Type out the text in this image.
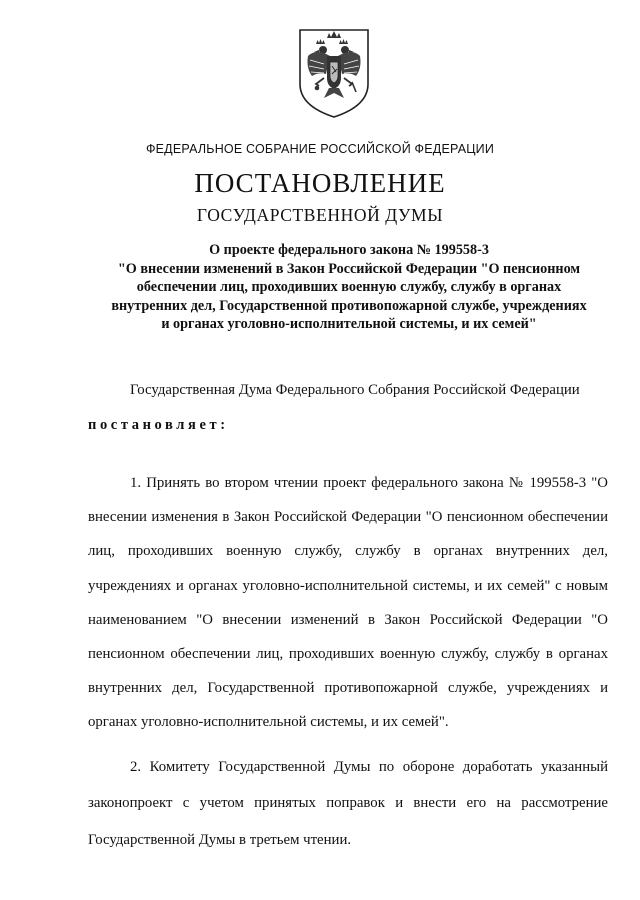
ФЕДЕРАЛЬНОЕ СОБРАНИЕ РОССИЙСКОЙ ФЕДЕРАЦИИ
ПОСТАНОВЛЕНИЕ
ГОСУДАРСТВЕННОЙ ДУМЫ
О проекте федерального закона № 199558-3
"О внесении изменений в Закон Российской Федерации "О пенсионном
обеспечении лиц, проходивших военную службу, службу в органах
внутренних дел, Государственной противопожарной службе, учреждениях
и органах уголовно-исполнительной системы, и их семей"
Государственная Дума Федерального Собрания Российской Федерации
постановляет:
1. Принять во втором чтении проект федерального закона № 199558-3 "О внесении изменения в Закон Российской Федерации "О пенсионном обеспечении лиц, проходивших военную службу, службу в органах внутренних дел, учреждениях и органах уголовно-исполнительной системы, и их семей" с новым наименованием "О внесении изменений в Закон Российской Федерации "О пенсионном обеспечении лиц, проходивших военную службу, службу в органах внутренних дел, Государственной противопожарной службе, учреждениях и органах уголовно-исполнительной системы, и их семей".
2. Комитету Государственной Думы по обороне доработать указанный законопроект с учетом принятых поправок и внести его на рассмотрение Государственной Думы в третьем чтении.
